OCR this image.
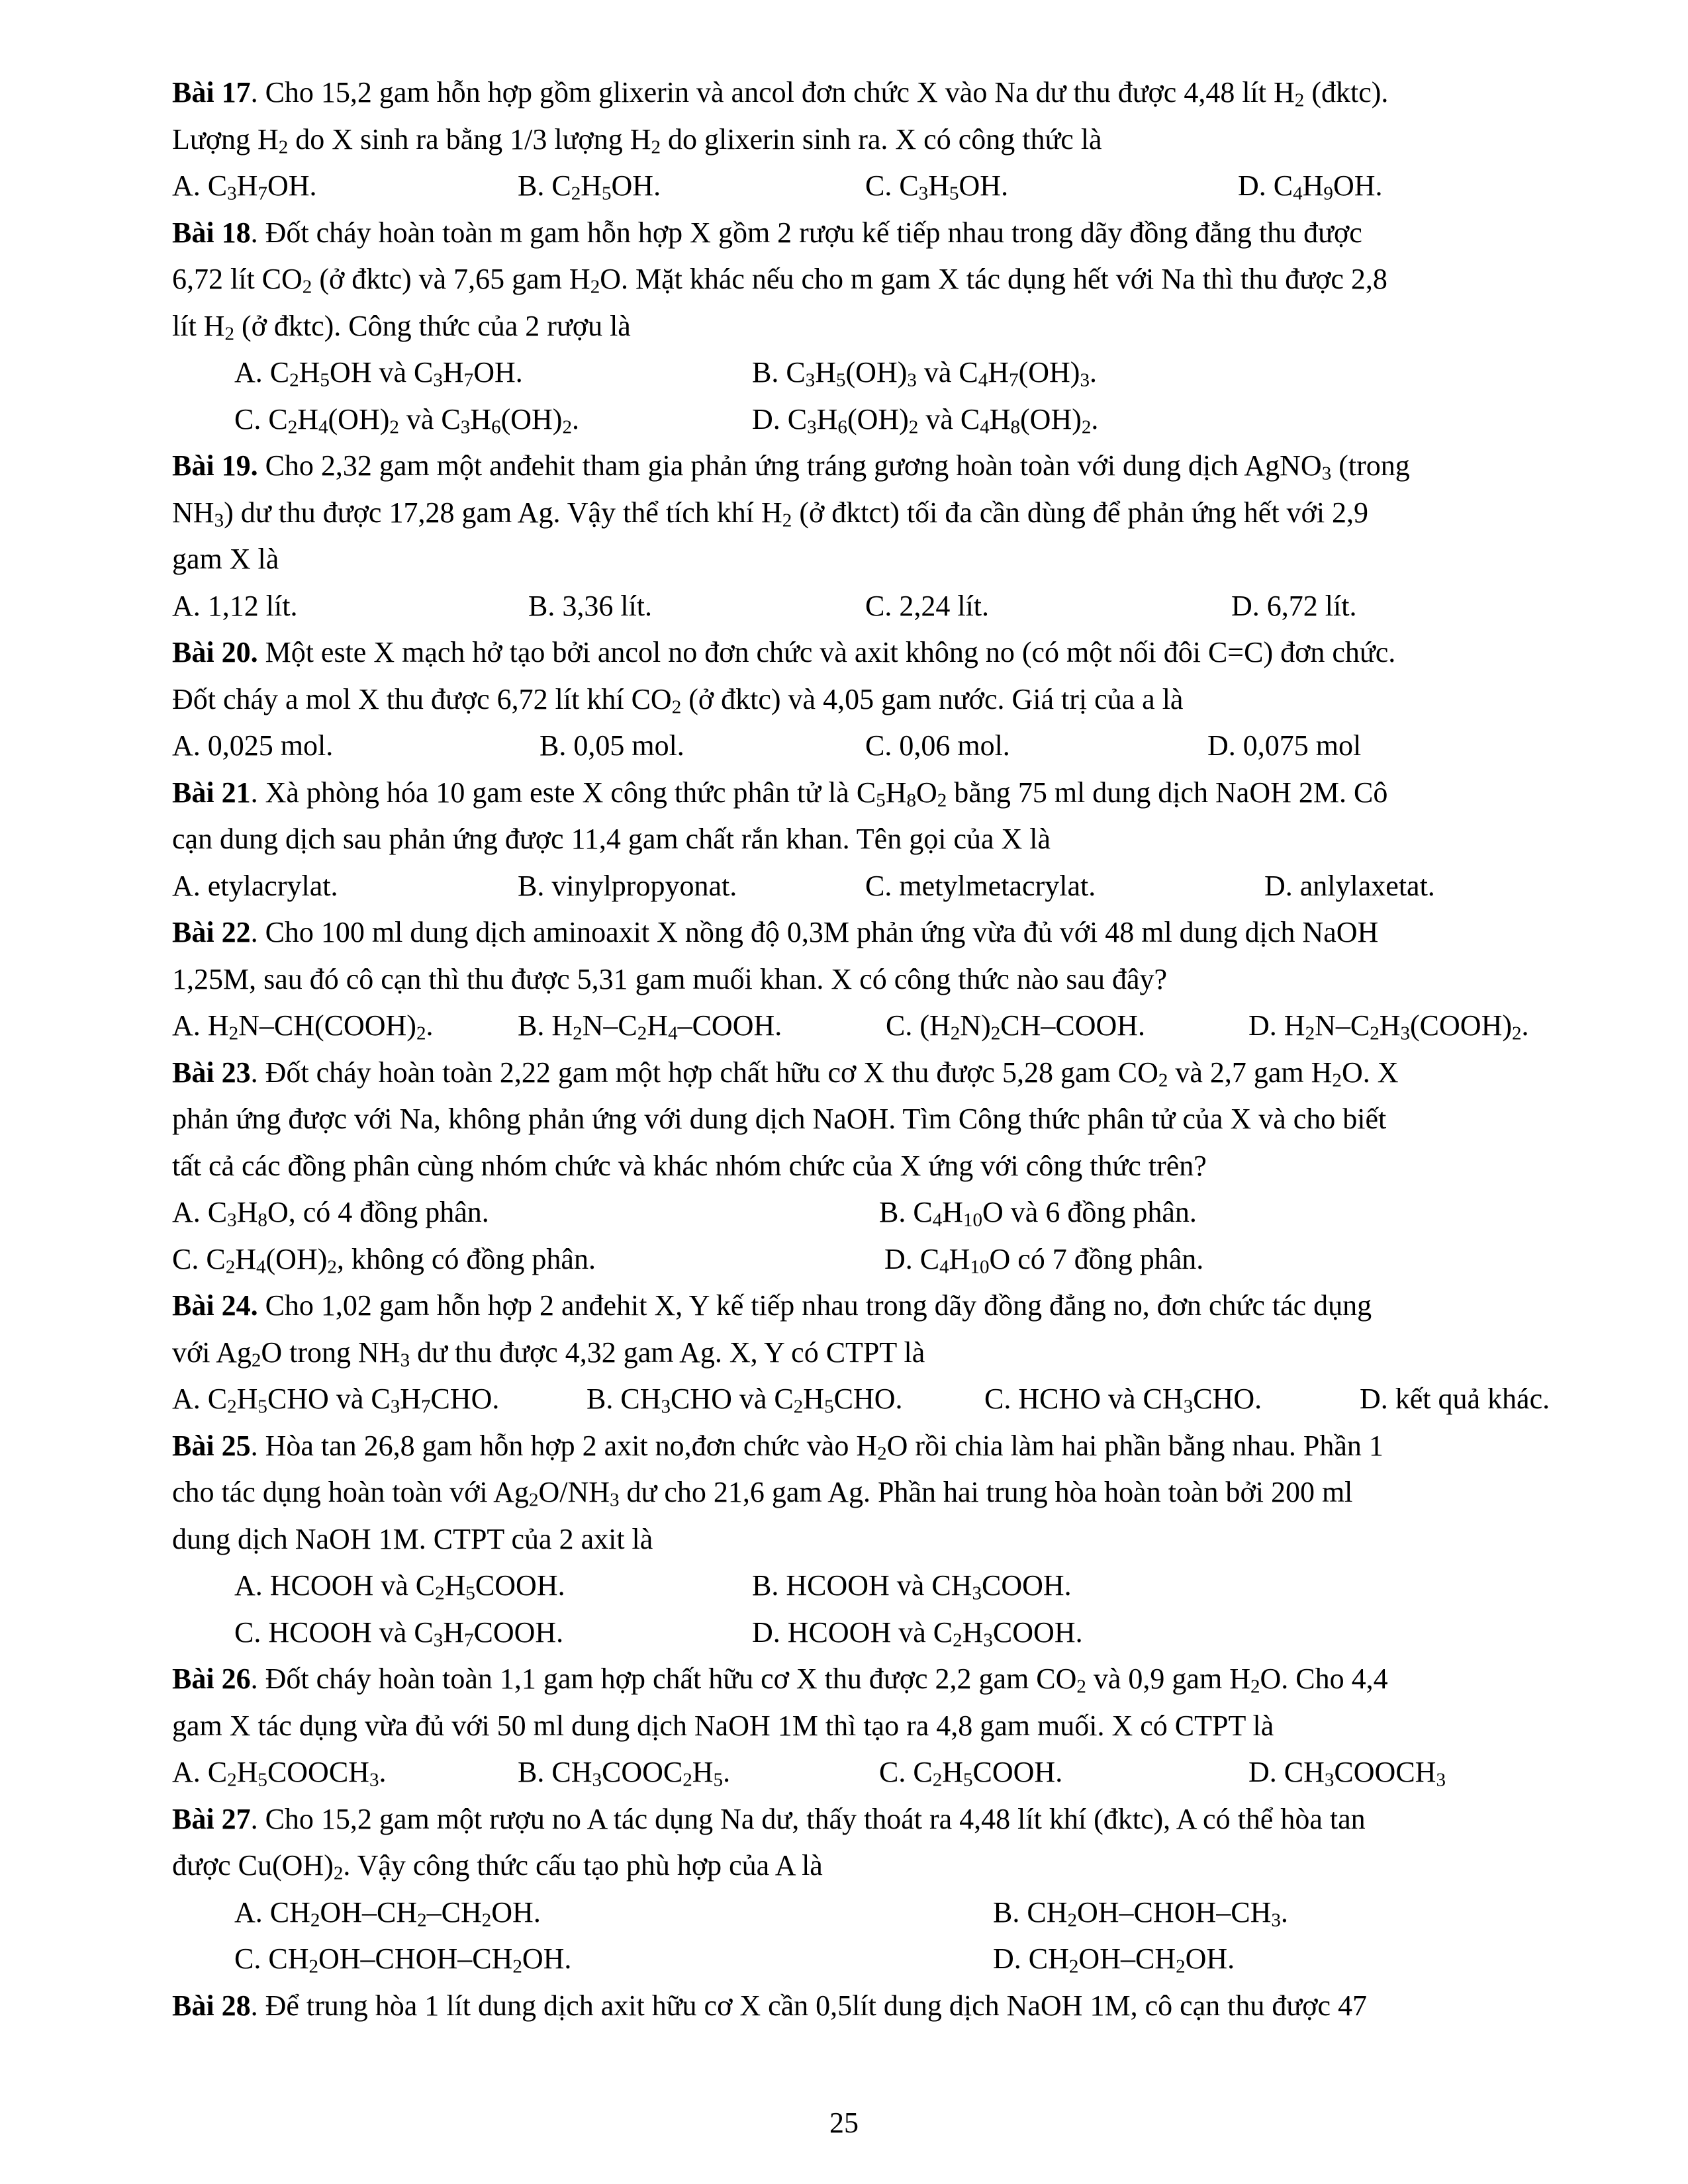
Bài 17. Cho 15,2 gam hỗn hợp gồm glixerin và ancol đơn chức X vào Na dư thu được 4,48 lít $H_2$ (đktc).
Lượng $H_2$ do X sinh ra bằng 1/3 lượng $H_2$ do glixerin sinh ra. X có công thức là
A. $C_3H_7OH$.	B. $C_2H_5OH$.	C. $C_3H_5OH$.	D. $C_4H_9OH$.
Bài 18. Đốt cháy hoàn toàn m gam hỗn hợp X gồm 2 rượu kế tiếp nhau trong dãy đồng đẳng thu được
6,72 lít $CO_2$ (ở đktc) và 7,65 gam $H_2O$. Mặt khác nếu cho m gam X tác dụng hết với Na thì thu được 2,8
lít $H_2$ (ở đktc). Công thức của 2 rượu là
A. $C_2H_5OH$ và $C_3H_7OH$.	B. $C_3H_5(OH)_3$ và $C_4H_7(OH)_3$.
C. $C_2H_4(OH)_2$ và $C_3H_6(OH)_2$.	D. $C_3H_6(OH)_2$ và $C_4H_8(OH)_2$.
Bài 19. Cho 2,32 gam một anđehit tham gia phản ứng tráng gương hoàn toàn với dung dịch AgNO$_3$ (trong
$NH_3$) dư thu được 17,28 gam Ag. Vậy thể tích khí $H_2$ (ở đktct) tối đa cần dùng để phản ứng hết với 2,9
gam X là
A. 1,12 lít.	B. 3,36 lít.	C. 2,24 lít.	D. 6,72 lít.
Bài 20. Một este X mạch hở tạo bởi ancol no đơn chức và axit không no (có một nối đôi C=C) đơn chức.
Đốt cháy a mol X thu được 6,72 lít khí $CO_2$ (ở đktc) và 4,05 gam nước. Giá trị của a là
A. 0,025 mol.	B. 0,05 mol.	C. 0,06 mol.	D. 0,075 mol
Bài 21. Xà phòng hóa 10 gam este X công thức phân tử là $C_5H_8O_2$ bằng 75 ml dung dịch NaOH 2M. Cô
cạn dung dịch sau phản ứng được 11,4 gam chất rắn khan. Tên gọi của X là
A. etylacrylat.	B. vinylpropyonat.	C. metylmetacrylat.	D. anlylaxetat.
Bài 22. Cho 100 ml dung dịch aminoaxit X nồng độ 0,3M phản ứng vừa đủ với 48 ml dung dịch NaOH
1,25M, sau đó cô cạn thì thu được 5,31 gam muối khan. X có công thức nào sau đây?
A. $H_2N-CH(COOH)_2$.	B. $H_2N-C_2H_4$–COOH.	C. $(H_2N)_2CH$–COOH.	D. $H_2N-C_2H_3(COOH)_2$.
Bài 23. Đốt cháy hoàn toàn 2,22 gam một hợp chất hữu cơ X thu được 5,28 gam $CO_2$ và 2,7 gam $H_2O$. X
phản ứng được với Na, không phản ứng với dung dịch NaOH. Tìm Công thức phân tử của X và cho biết
tất cả các đồng phân cùng nhóm chức và khác nhóm chức của X ứng với công thức trên?
A. $C_3H_8O$, có 4 đồng phân.	B. $C_4H_{10}O$ và 6 đồng phân.
C. $C_2H_4(OH)_2$, không có đồng phân.	D. $C_4H_{10}O$ có 7 đồng phân.
Bài 24. Cho 1,02 gam hỗn hợp 2 anđehit X, Y kế tiếp nhau trong dãy đồng đẳng no, đơn chức tác dụng
với $Ag_2O$ trong $NH_3$ dư thu được 4,32 gam Ag. X, Y có CTPT là
A. $C_2H_5CHO$ và $C_3H_7CHO$.	B. $CH_3CHO$ và $C_2H_5CHO$.	C. HCHO và $CH_3CHO$.	D. kết quả khác.
Bài 25. Hòa tan 26,8 gam hỗn hợp 2 axit no,đơn chức vào $H_2O$ rồi chia làm hai phần bằng nhau. Phần 1
cho tác dụng hoàn toàn với $Ag_2O/NH_3$ dư cho 21,6 gam Ag. Phần hai trung hòa hoàn toàn bởi 200 ml
dung dịch NaOH 1M. CTPT của 2 axit là
A. HCOOH và $C_2H_5COOH$.	B. HCOOH và $CH_3COOH$.
C. HCOOH và $C_3H_7COOH$.	D. HCOOH và $C_2H_3COOH$.
Bài 26. Đốt cháy hoàn toàn 1,1 gam hợp chất hữu cơ X thu được 2,2 gam $CO_2$ và 0,9 gam $H_2O$. Cho 4,4
gam X tác dụng vừa đủ với 50 ml dung dịch NaOH 1M thì tạo ra 4,8 gam muối. X có CTPT là
A. $C_2H_5COOCH_3$.	B. $CH_3COOC_2H_5$.	C. $C_2H_5COOH$.	D. $CH_3COOCH_3$
Bài 27. Cho 15,2 gam một rượu no A tác dụng Na dư, thấy thoát ra 4,48 lít khí (đktc), A có thể hòa tan
được $Cu(OH)_2$. Vậy công thức cấu tạo phù hợp của A là
A. $CH_2OH-CH_2-CH_2OH$.	B. $CH_2OH-CHOH-CH_3$.
C. $CH_2OH-CHOH-CH_2OH$.	D. $CH_2OH-CH_2OH$.
Bài 28. Để trung hòa 1 lít dung dịch axit hữu cơ X cần 0,5lít dung dịch NaOH 1M, cô cạn thu được 47
25
